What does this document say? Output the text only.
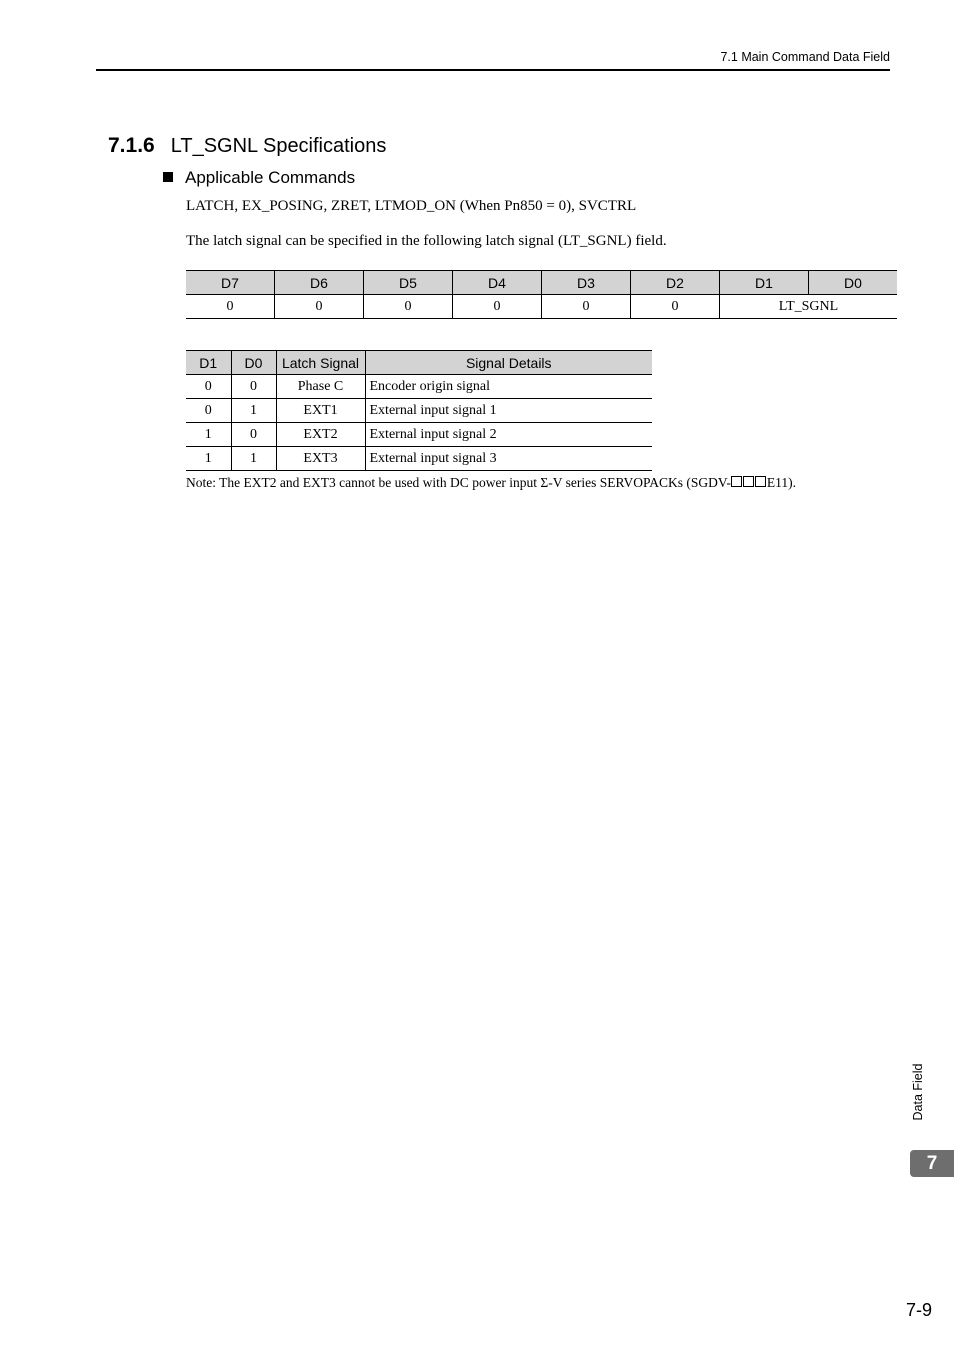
7.1 Main Command Data Field
7.1.6 LT_SGNL Specifications
Applicable Commands
LATCH, EX_POSING, ZRET, LTMOD_ON (When Pn850 = 0), SVCTRL
The latch signal can be specified in the following latch signal (LT_SGNL) field.
D7	D6	D5	D4	D3	D2	D1	D0
0	0	0	0	0	0	LT_SGNL	
D1	D0	Latch Signal	Signal Details
0	0	Phase C	Encoder origin signal
0	1	EXT1	External input signal 1
1	0	EXT2	External input signal 2
1	1	EXT3	External input signal 3
Note: The EXT2 and EXT3 cannot be used with DC power input Σ-V series SERVOPACKs (SGDV-	E11).
Data Field
7
7-9
